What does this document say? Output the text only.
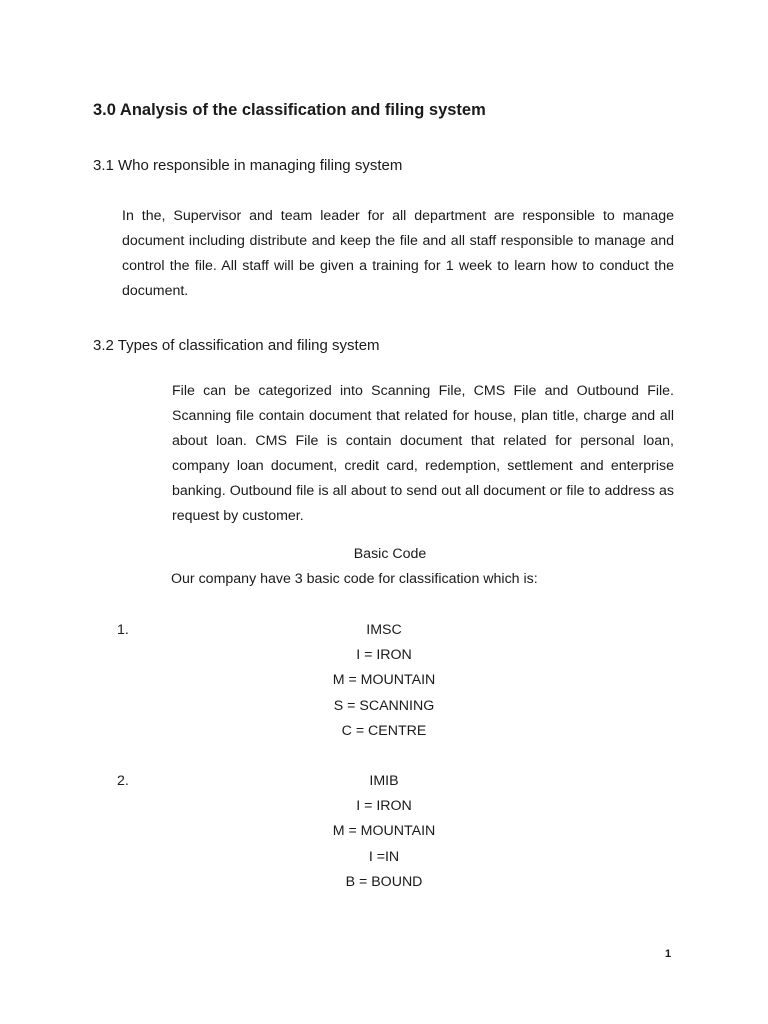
3.0 Analysis of the classification and filing system
3.1 Who responsible in managing filing system

In the, Supervisor and team leader for all department are responsible to manage document including distribute and keep the file and all staff responsible to manage and control the file. All staff will be given a training for 1 week to learn how to conduct the document.

3.2 Types of classification and filing system

File can be categorized into Scanning File, CMS File and Outbound File. Scanning file contain document that related for house, plan title, charge and all about loan. CMS File is contain document that related for personal loan, company loan document, credit card, redemption, settlement and enterprise banking. Outbound file is all about to send out all document or file to address as request by customer.

Basic Code
Our company have 3 basic code for classification which is:
1.	IMSC
I = IRON
M = MOUNTAIN
S = SCANNING
C = CENTRE
2.	IMIB
I = IRON
M = MOUNTAIN
I =IN
B = BOUND
1
